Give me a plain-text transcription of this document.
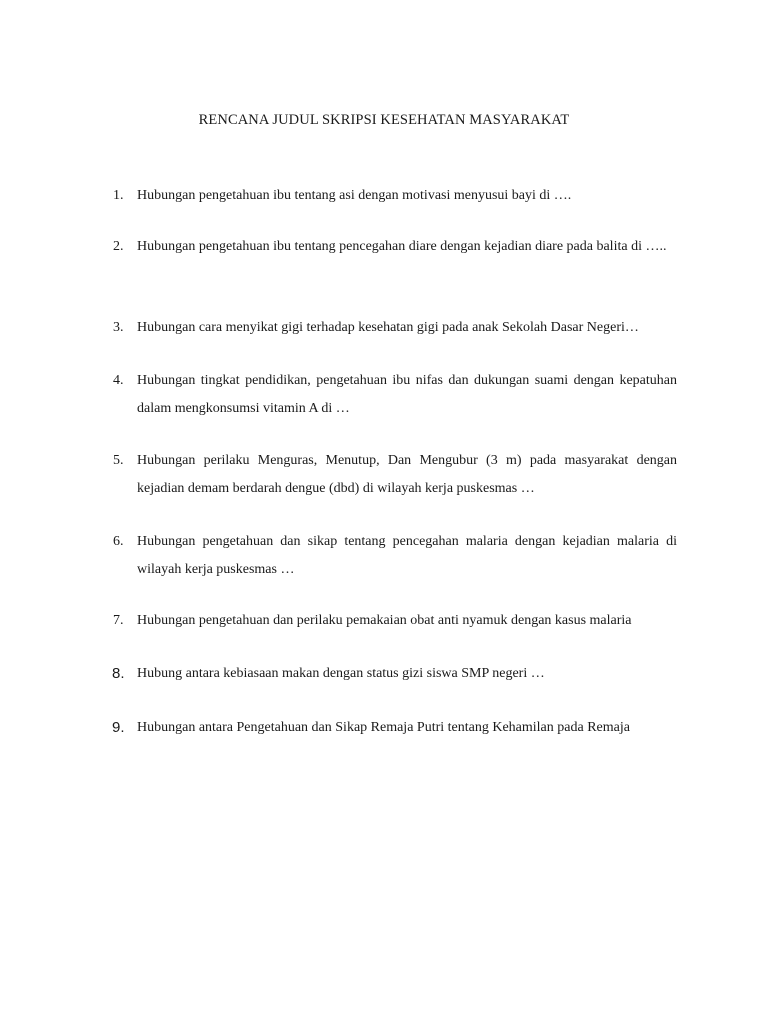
RENCANA JUDUL SKRIPSI KESEHATAN MASYARAKAT
1. Hubungan pengetahuan ibu tentang asi dengan motivasi menyusui bayi di ….
2. Hubungan pengetahuan ibu tentang pencegahan diare dengan kejadian diare pada balita di …..
3. Hubungan cara menyikat gigi terhadap kesehatan gigi pada anak Sekolah Dasar Negeri…
4. Hubungan tingkat pendidikan, pengetahuan ibu nifas dan dukungan suami dengan kepatuhan dalam mengkonsumsi vitamin A di …
5. Hubungan perilaku Menguras, Menutup, Dan Mengubur (3 m) pada masyarakat dengan kejadian demam berdarah dengue (dbd) di wilayah kerja puskesmas …
6. Hubungan pengetahuan dan sikap tentang pencegahan malaria dengan kejadian malaria di wilayah kerja puskesmas …
7. Hubungan pengetahuan dan perilaku pemakaian obat anti nyamuk dengan kasus malaria
8. Hubung antara kebiasaan makan dengan status gizi siswa SMP negeri …
9. Hubungan antara Pengetahuan dan Sikap Remaja Putri tentang Kehamilan pada Remaja
